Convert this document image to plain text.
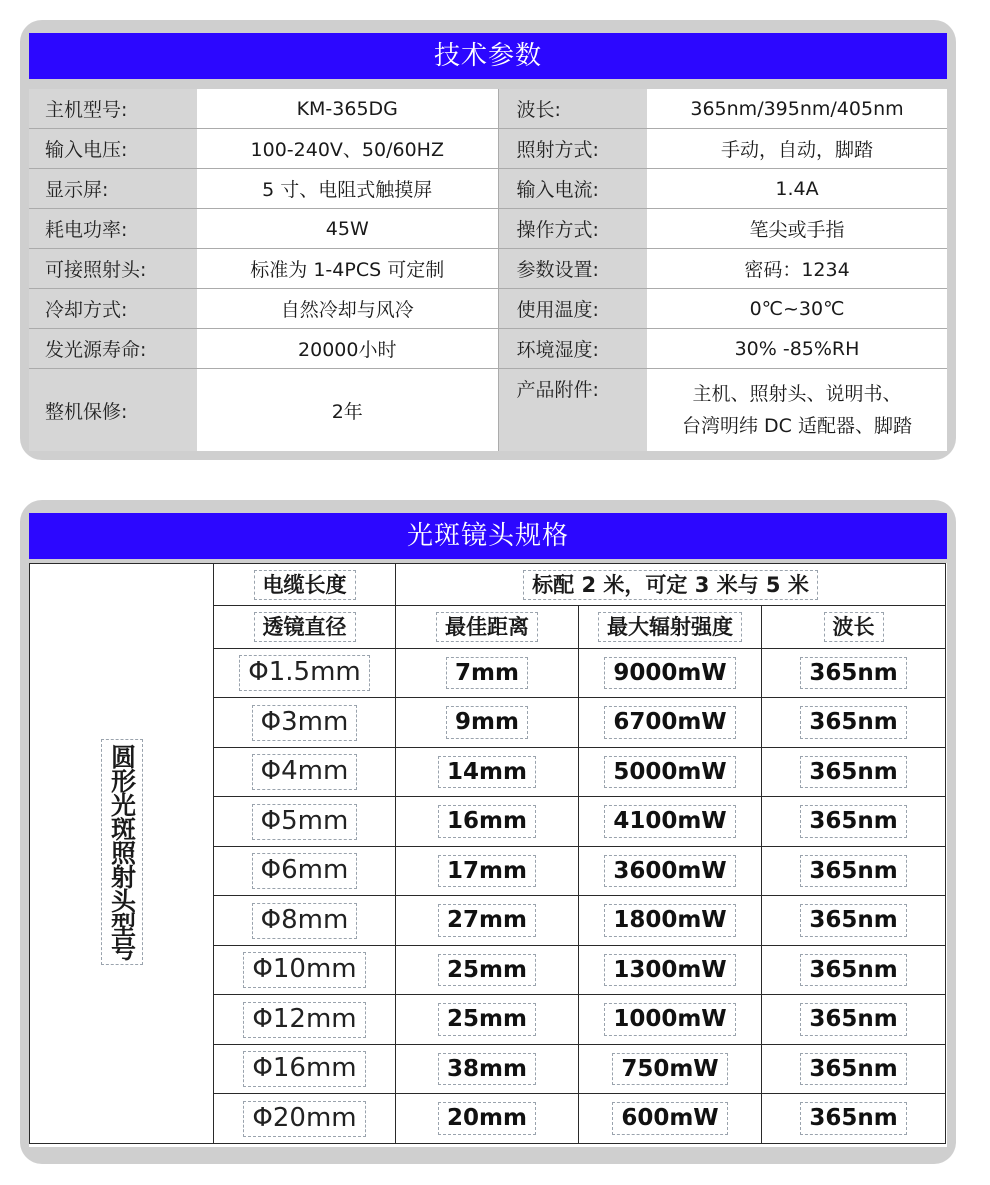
技术参数
主机型号:	KM-365DG	波长:	365nm/395nm/405nm
输入电压:	100-240V、50/60HZ	照射方式:	手动，自动，脚踏
显示屏:	5 寸、电阻式触摸屏	输入电流:	1.4A
耗电功率:	45W	操作方式:	笔尖或手指
可接照射头:	标准为 1-4PCS 可定制	参数设置:	密码：1234
冷却方式:	自然冷却与风冷	使用温度:	0℃~30℃
发光源寿命:	20000小时	环境湿度:	30% -85%RH
整机保修:	2年	产品附件:	主机、照射头、说明书、
台湾明纬 DC 适配器、脚踏
光斑镜头规格
圆形光斑照射头型号	电缆长度	标配 2 米，可定 3 米与 5 米		
	透镜直径	最佳距离	最大辐射强度	波长
	Φ1.5mm	7mm	9000mW	365nm
	Φ3mm	9mm	6700mW	365nm
	Φ4mm	14mm	5000mW	365nm
	Φ5mm	16mm	4100mW	365nm
	Φ6mm	17mm	3600mW	365nm
	Φ8mm	27mm	1800mW	365nm
	Φ10mm	25mm	1300mW	365nm
	Φ12mm	25mm	1000mW	365nm
	Φ16mm	38mm	750mW	365nm
	Φ20mm	20mm	600mW	365nm
